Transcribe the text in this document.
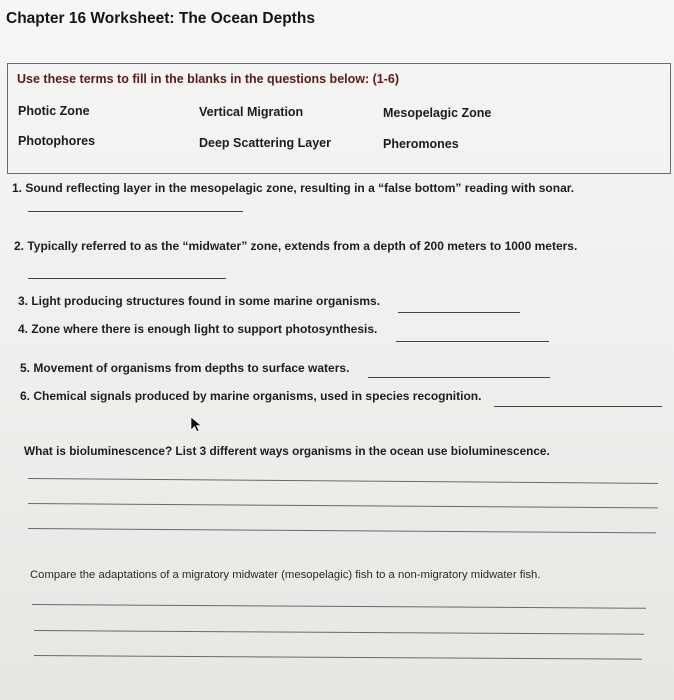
Chapter 16 Worksheet: The Ocean Depths
Use these terms to fill in the blanks in the questions below: (1-6)
Photic Zone	Vertical Migration	Mesopelagic Zone
Photophores	Deep Scattering Layer	Pheromones
1. Sound reflecting layer in the mesopelagic zone, resulting in a “false bottom” reading with sonar.
2. Typically referred to as the “midwater” zone, extends from a depth of 200 meters to 1000 meters.
3. Light producing structures found in some marine organisms.
4. Zone where there is enough light to support photosynthesis.
5. Movement of organisms from depths to surface waters.
6. Chemical signals produced by marine organisms, used in species recognition.
What is bioluminescence? List 3 different ways organisms in the ocean use bioluminescence.
Compare the adaptations of a migratory midwater (mesopelagic) fish to a non-migratory midwater fish.
